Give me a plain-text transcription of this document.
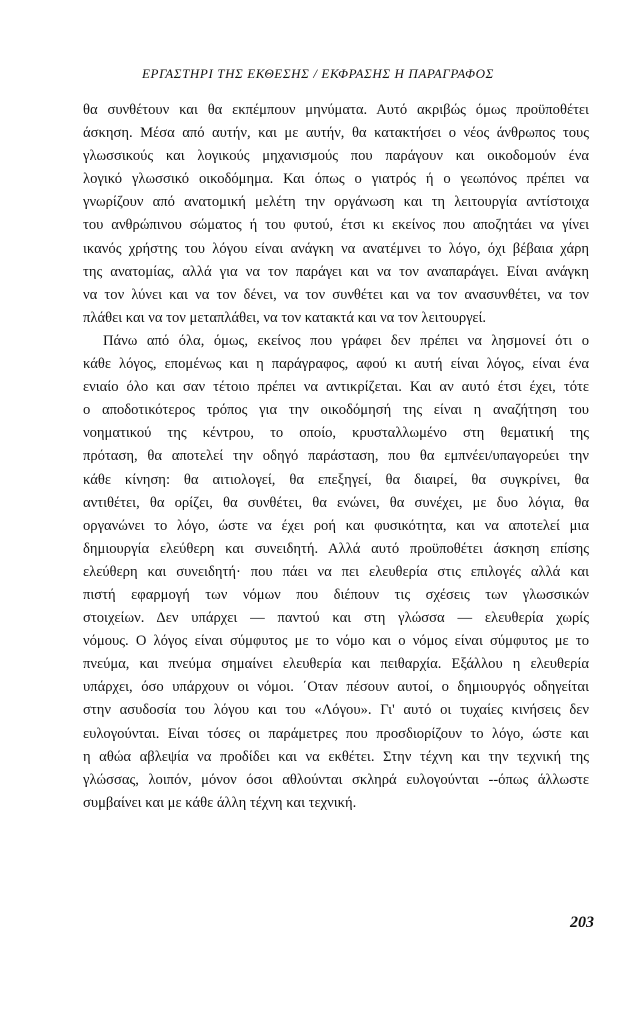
ΕΡΓΑΣΤΗΡΙ ΤΗΣ ΕΚΘΕΣΗΣ / ΕΚΦΡΑΣΗΣ Η ΠΑΡΑΓΡΑΦΟΣ
θα συνθέτουν και θα εκπέμπουν μηνύματα. Αυτό ακριβώς όμως προϋποθέτει
άσκηση. Μέσα από αυτήν, και με αυτήν, θα κατακτήσει ο νέος άνθρωπος τους
γλωσσικούς και λογικούς μηχανισμούς που παράγουν και οικοδομούν ένα
λογικό γλωσσικό οικοδόμημα. Και όπως ο γιατρός ή ο γεωπόνος πρέπει να
γνωρίζουν από ανατομική μελέτη την οργάνωση και τη λειτουργία αντίστοιχα
του ανθρώπινου σώματος ή του φυτού, έτσι κι εκείνος που αποζητάει να γίνει
ικανός χρήστης του λόγου είναι ανάγκη να ανατέμνει το λόγο, όχι βέβαια χάρη
της ανατομίας, αλλά για να τον παράγει και να τον αναπαράγει. Είναι ανάγκη
να τον λύνει και να τον δένει, να τον συνθέτει και να τον ανασυνθέτει, να τον
πλάθει και να τον μεταπλάθει, να τον κατακτά και να τον λειτουργεί.
Πάνω από όλα, όμως, εκείνος που γράφει δεν πρέπει να λησμονεί ότι ο
κάθε λόγος, επομένως και η παράγραφος, αφού κι αυτή είναι λόγος, είναι ένα
ενιαίο όλο και σαν τέτοιο πρέπει να αντικρίζεται. Και αν αυτό έτσι έχει, τότε
ο αποδοτικότερος τρόπος για την οικοδόμησή της είναι η αναζήτηση του
νοηματικού της κέντρου, το οποίο, κρυσταλλωμένο στη θεματική της
πρόταση, θα αποτελεί την οδηγό παράσταση, που θα εμπνέει/υπαγορεύει την
κάθε κίνηση: θα αιτιολογεί, θα επεξηγεί, θα διαιρεί, θα συγκρίνει, θα
αντιθέτει, θα ορίζει, θα συνθέτει, θα ενώνει, θα συνέχει, με δυο λόγια, θα
οργανώνει το λόγο, ώστε να έχει ροή και φυσικότητα, και να αποτελεί μια
δημιουργία ελεύθερη και συνειδητή. Αλλά αυτό προϋποθέτει άσκηση επίσης
ελεύθερη και συνειδητή· που πάει να πει ελευθερία στις επιλογές αλλά και
πιστή εφαρμογή των νόμων που διέπουν τις σχέσεις των γλωσσικών
στοιχείων. Δεν υπάρχει — παντού και στη γλώσσα — ελευθερία χωρίς
νόμους. Ο λόγος είναι σύμφυτος με το νόμο και ο νόμος είναι σύμφυτος με το
πνεύμα, και πνεύμα σημαίνει ελευθερία και πειθαρχία. Εξάλλου η ελευθερία
υπάρχει, όσο υπάρχουν οι νόμοι. ΄Οταν πέσουν αυτοί, ο δημιουργός οδηγείται
στην ασυδοσία του λόγου και του «Λόγου». Γι' αυτό οι τυχαίες κινήσεις δεν
ευλογούνται. Είναι τόσες οι παράμετρες που προσδιορίζουν το λόγο, ώστε και
η αθώα αβλεψία να προδίδει και να εκθέτει. Στην τέχνη και την τεχνική της
γλώσσας, λοιπόν, μόνον όσοι αθλούνται σκληρά ευλογούνται --όπως άλλωστε
συμβαίνει και με κάθε άλλη τέχνη και τεχνική.
203
